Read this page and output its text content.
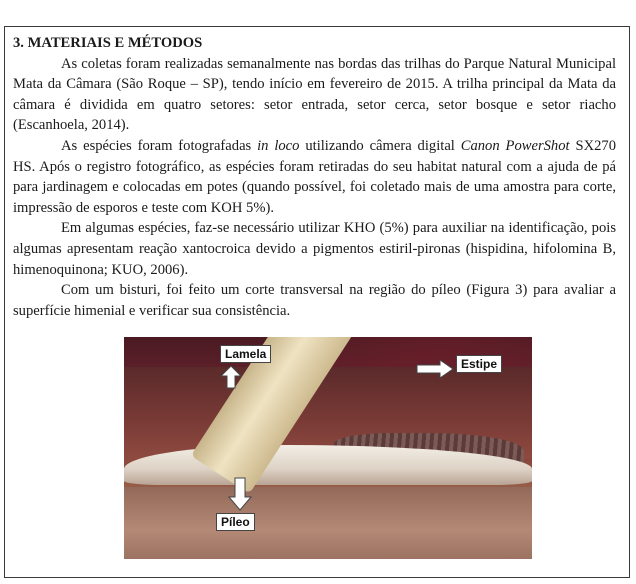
3. MATERIAIS E MÉTODOS

As coletas foram realizadas semanalmente nas bordas das trilhas do Parque Natural Municipal Mata da Câmara (São Roque – SP), tendo início em fevereiro de 2015. A trilha principal da Mata da câmara é dividida em quatro setores: setor entrada, setor cerca, setor bosque e setor riacho (Escanhoela, 2014).

As espécies foram fotografadas in loco utilizando câmera digital Canon PowerShot SX270 HS. Após o registro fotográfico, as espécies foram retiradas do seu habitat natural com a ajuda de pá para jardinagem e colocadas em potes (quando possível, foi coletado mais de uma amostra para corte, impressão de esporos e teste com KOH 5%).

Em algumas espécies, faz-se necessário utilizar KHO (5%) para auxiliar na identificação, pois algumas apresentam reação xantocroica devido a pigmentos estiril-pironas (hispidina, hifolomina B, himenoquinona; KUO, 2006).

Com um bisturi, foi feito um corte transversal na região do píleo (Figura 3) para avaliar a superfície himenial e verificar sua consistência.

Lamela
Estipe
Píleo
